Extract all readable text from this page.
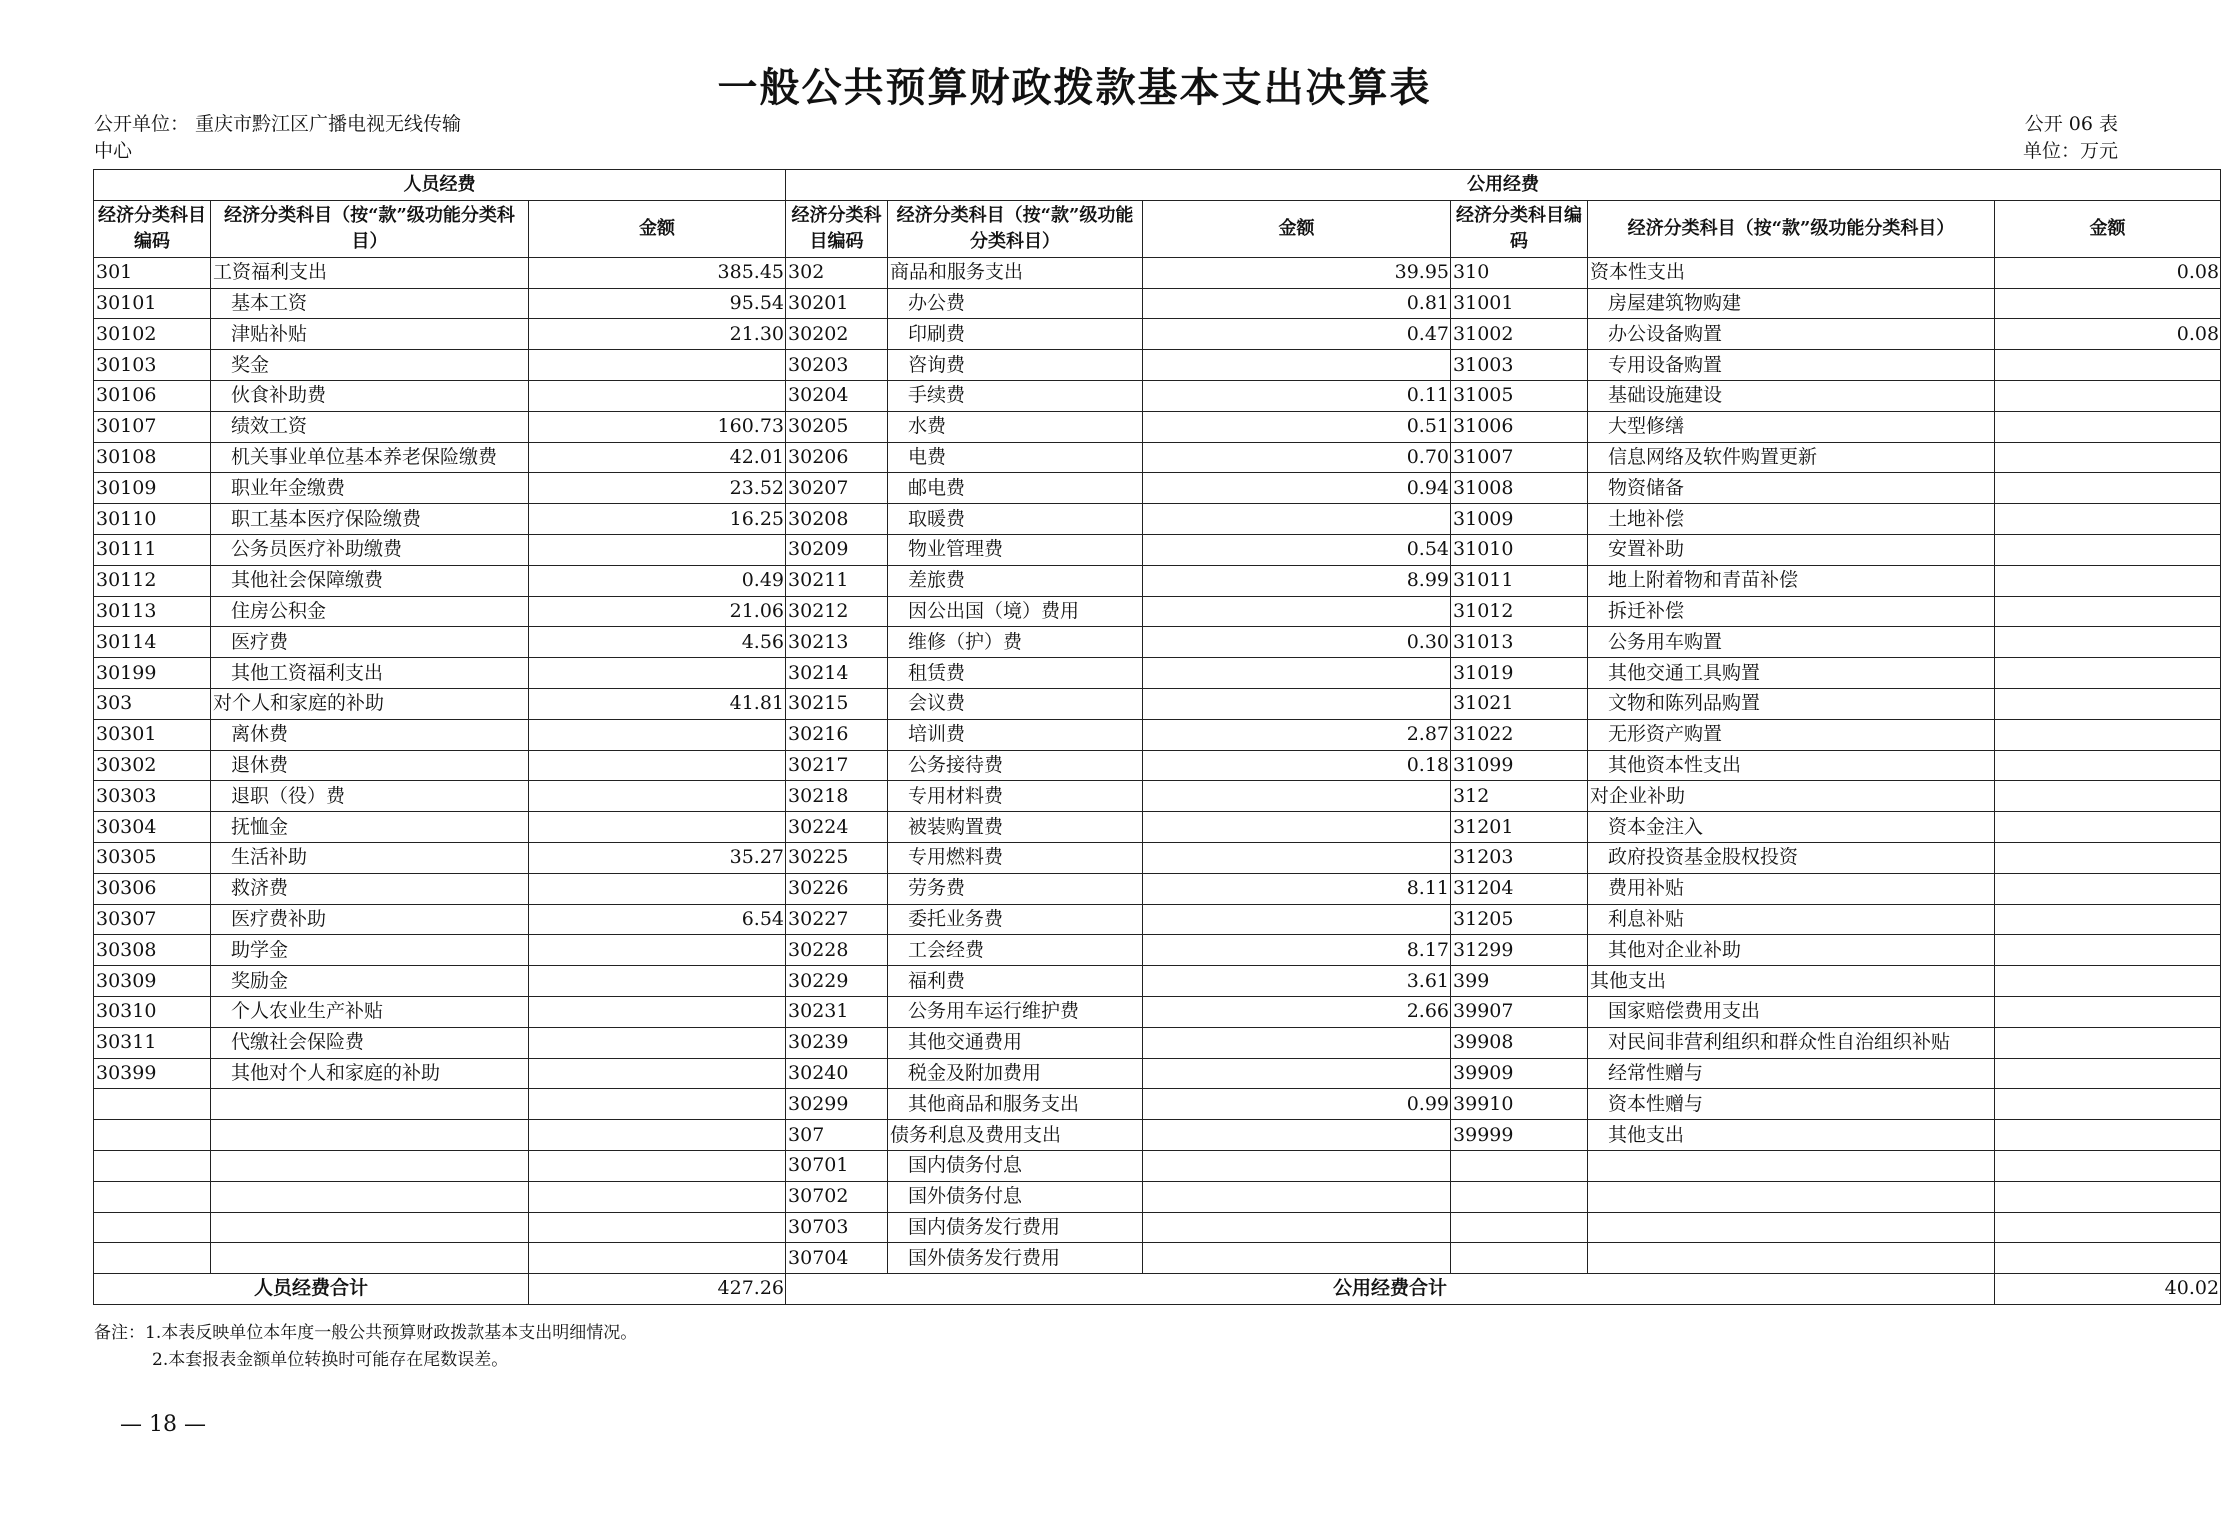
一般公共预算财政拨款基本支出决算表
公开单位： 重庆市黔江区广播电视无线传输
中心
公开 06 表
单位：万元
人员经费			公用经费					
经济分类科目编码	经济分类科目（按“款”级功能分类科目）	金额	经济分类科目编码	经济分类科目（按“款”级功能分类科目）	金额	经济分类科目编码	经济分类科目（按“款”级功能分类科目）	金额
301	工资福利支出	385.45	302	商品和服务支出	39.95	310	资本性支出	0.08
30101	基本工资	95.54	30201	办公费	0.81	31001	房屋建筑物购建	
30102	津贴补贴	21.30	30202	印刷费	0.47	31002	办公设备购置	0.08
30103	奖金		30203	咨询费		31003	专用设备购置	
30106	伙食补助费		30204	手续费	0.11	31005	基础设施建设	
30107	绩效工资	160.73	30205	水费	0.51	31006	大型修缮	
30108	机关事业单位基本养老保险缴费	42.01	30206	电费	0.70	31007	信息网络及软件购置更新	
30109	职业年金缴费	23.52	30207	邮电费	0.94	31008	物资储备	
30110	职工基本医疗保险缴费	16.25	30208	取暖费		31009	土地补偿	
30111	公务员医疗补助缴费		30209	物业管理费	0.54	31010	安置补助	
30112	其他社会保障缴费	0.49	30211	差旅费	8.99	31011	地上附着物和青苗补偿	
30113	住房公积金	21.06	30212	因公出国（境）费用		31012	拆迁补偿	
30114	医疗费	4.56	30213	维修（护）费	0.30	31013	公务用车购置	
30199	其他工资福利支出		30214	租赁费		31019	其他交通工具购置	
303	对个人和家庭的补助	41.81	30215	会议费		31021	文物和陈列品购置	
30301	离休费		30216	培训费	2.87	31022	无形资产购置	
30302	退休费		30217	公务接待费	0.18	31099	其他资本性支出	
30303	退职（役）费		30218	专用材料费		312	对企业补助	
30304	抚恤金		30224	被装购置费		31201	资本金注入	
30305	生活补助	35.27	30225	专用燃料费		31203	政府投资基金股权投资	
30306	救济费		30226	劳务费	8.11	31204	费用补贴	
30307	医疗费补助	6.54	30227	委托业务费		31205	利息补贴	
30308	助学金		30228	工会经费	8.17	31299	其他对企业补助	
30309	奖励金		30229	福利费	3.61	399	其他支出	
30310	个人农业生产补贴		30231	公务用车运行维护费	2.66	39907	国家赔偿费用支出	
30311	代缴社会保险费		30239	其他交通费用		39908	对民间非营利组织和群众性自治组织补贴	
30399	其他对个人和家庭的补助		30240	税金及附加费用		39909	经常性赠与	
			30299	其他商品和服务支出	0.99	39910	资本性赠与	
			307	债务利息及费用支出		39999	其他支出	
			30701	国内债务付息				
			30702	国外债务付息				
			30703	国内债务发行费用				
			30704	国外债务发行费用				
人员经费合计		427.26	公用经费合计					40.02
备注：1.本表反映单位本年度一般公共预算财政拨款基本支出明细情况。
2.本套报表金额单位转换时可能存在尾数误差。
— 18 —
